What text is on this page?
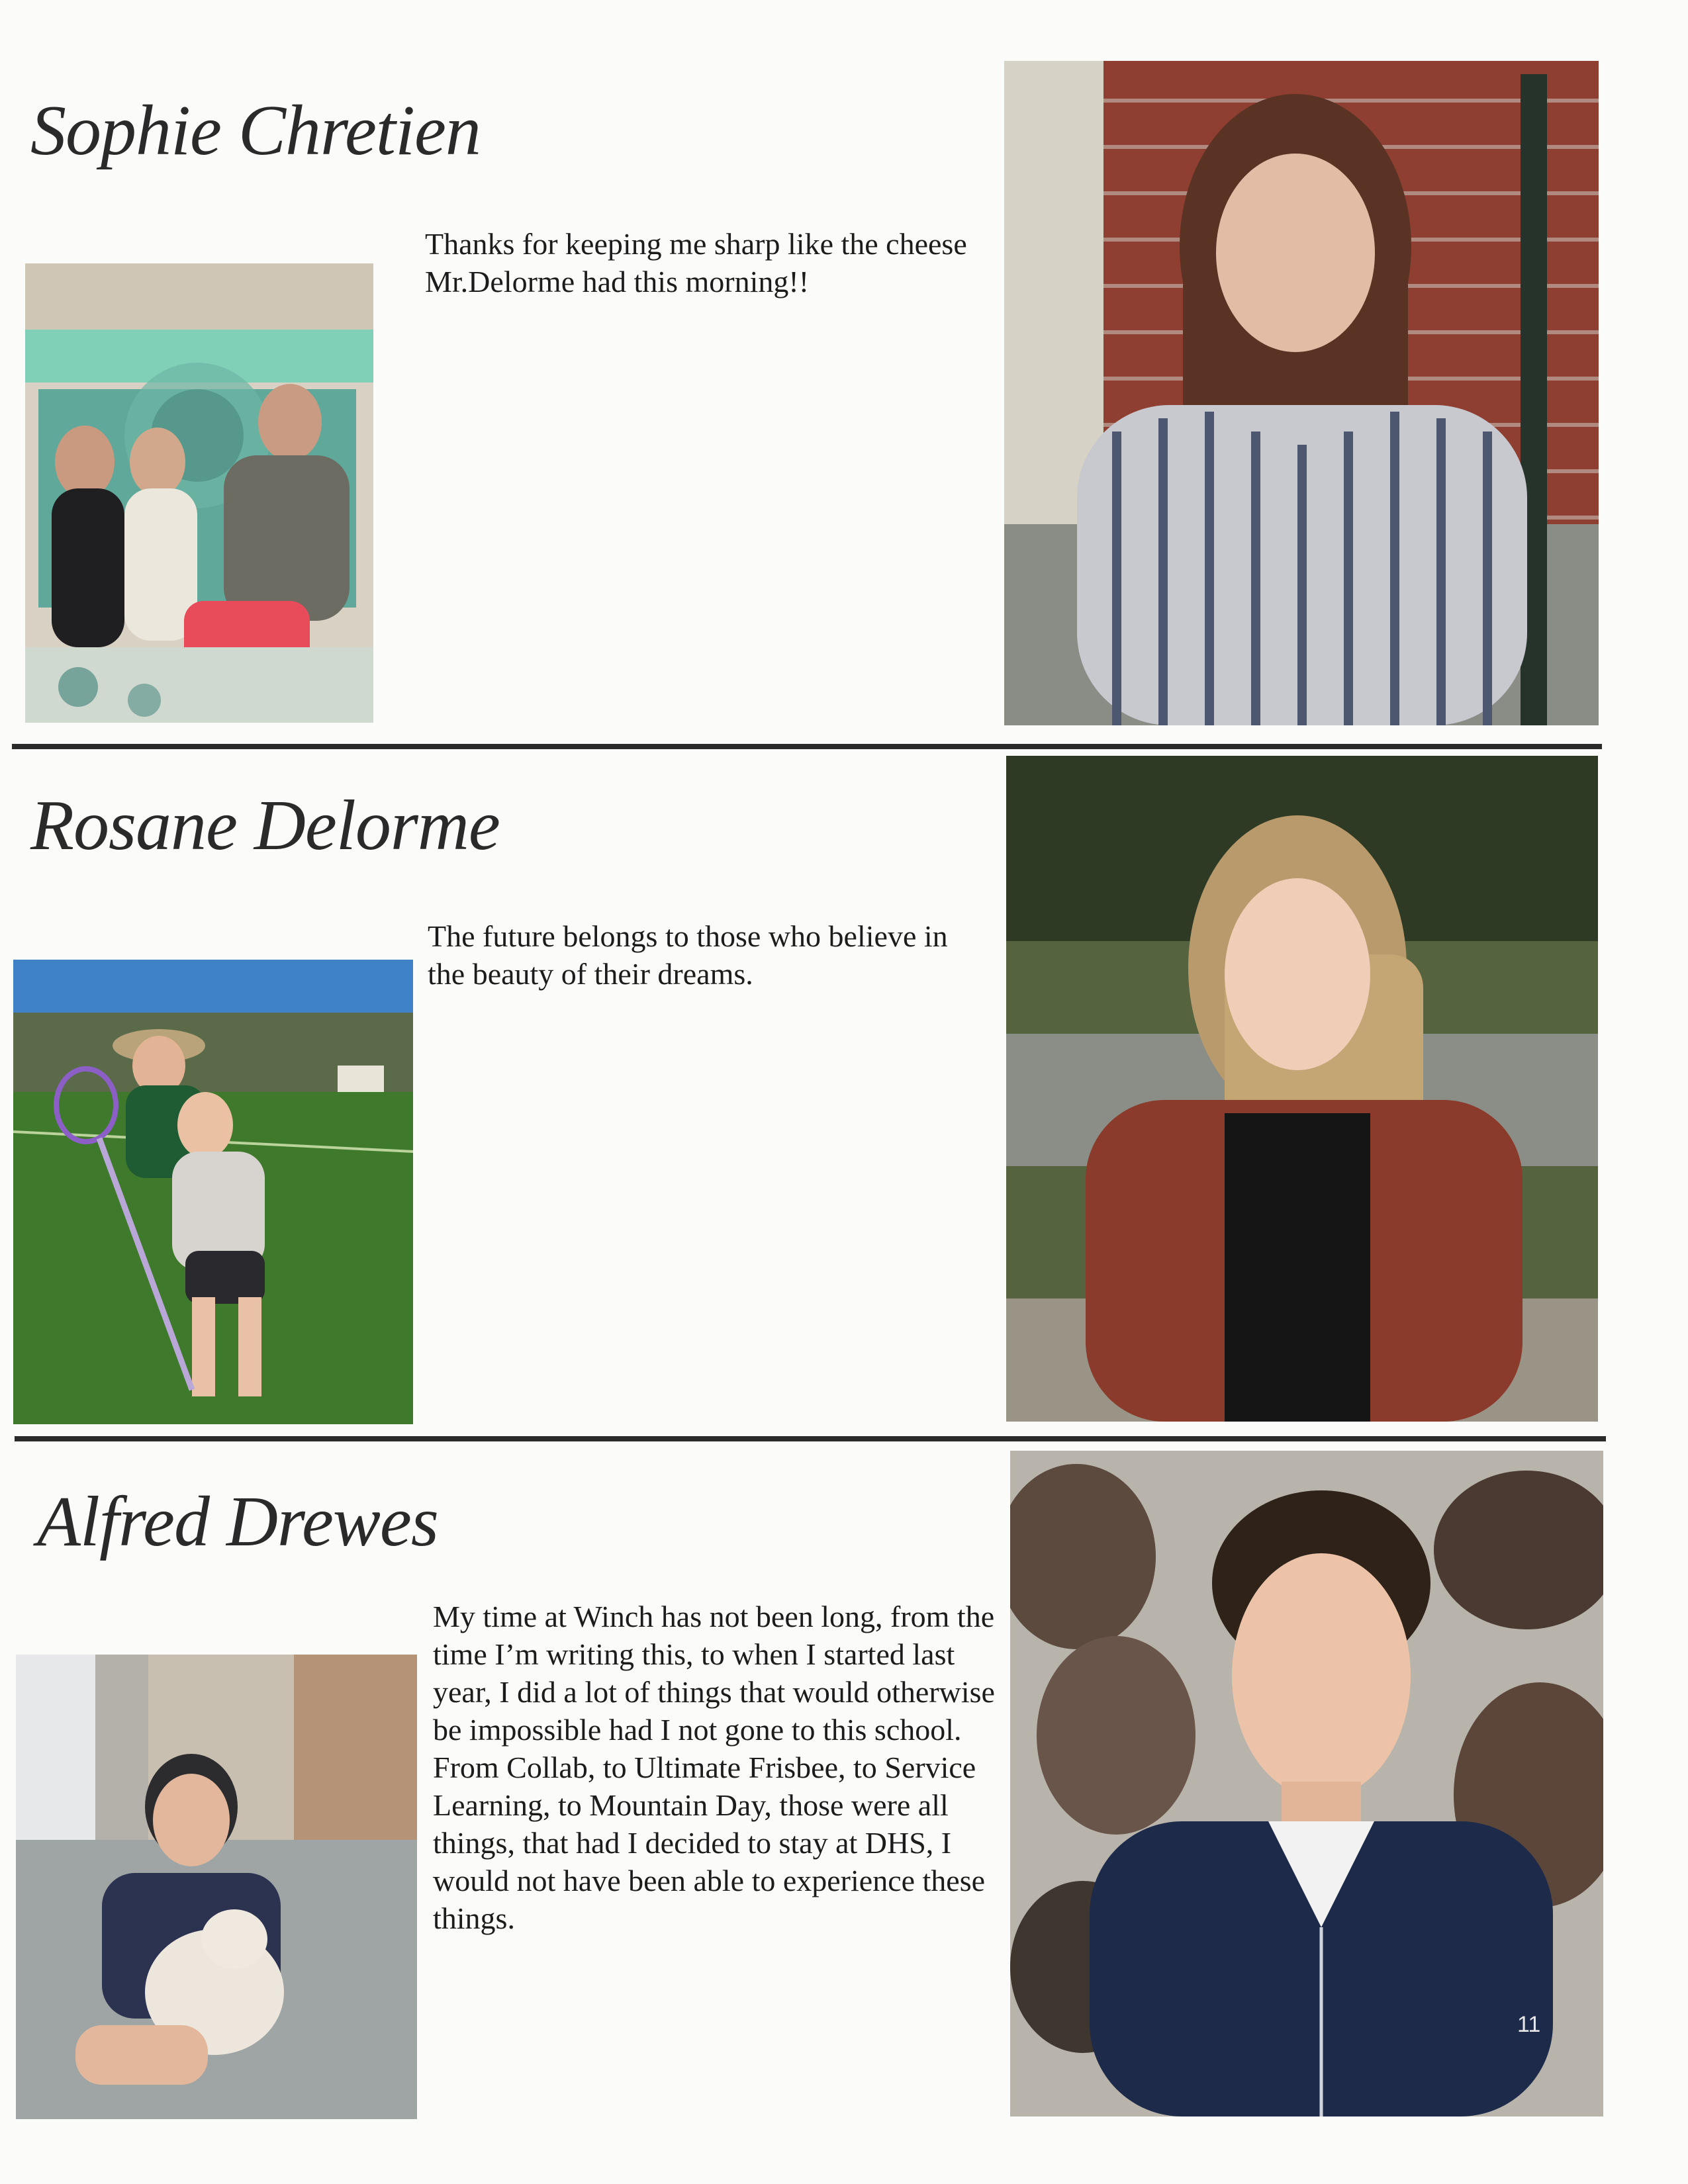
Sophie Chretien

Thanks for keeping me sharp like the cheese Mr.Delorme had this morning!!

Rosane Delorme

The future belongs to those who believe in the beauty of their dreams.

Alfred Drewes

My time at Winch has not been long, from the time I’m writing this, to when I started last year, I did a lot of things that would otherwise be impossible had I not gone to this school. From Collab, to Ultimate Frisbee, to Service Learning, to Mountain Day, those were all things, that had I decided to stay at DHS, I would not have been able to experience these things.

11
